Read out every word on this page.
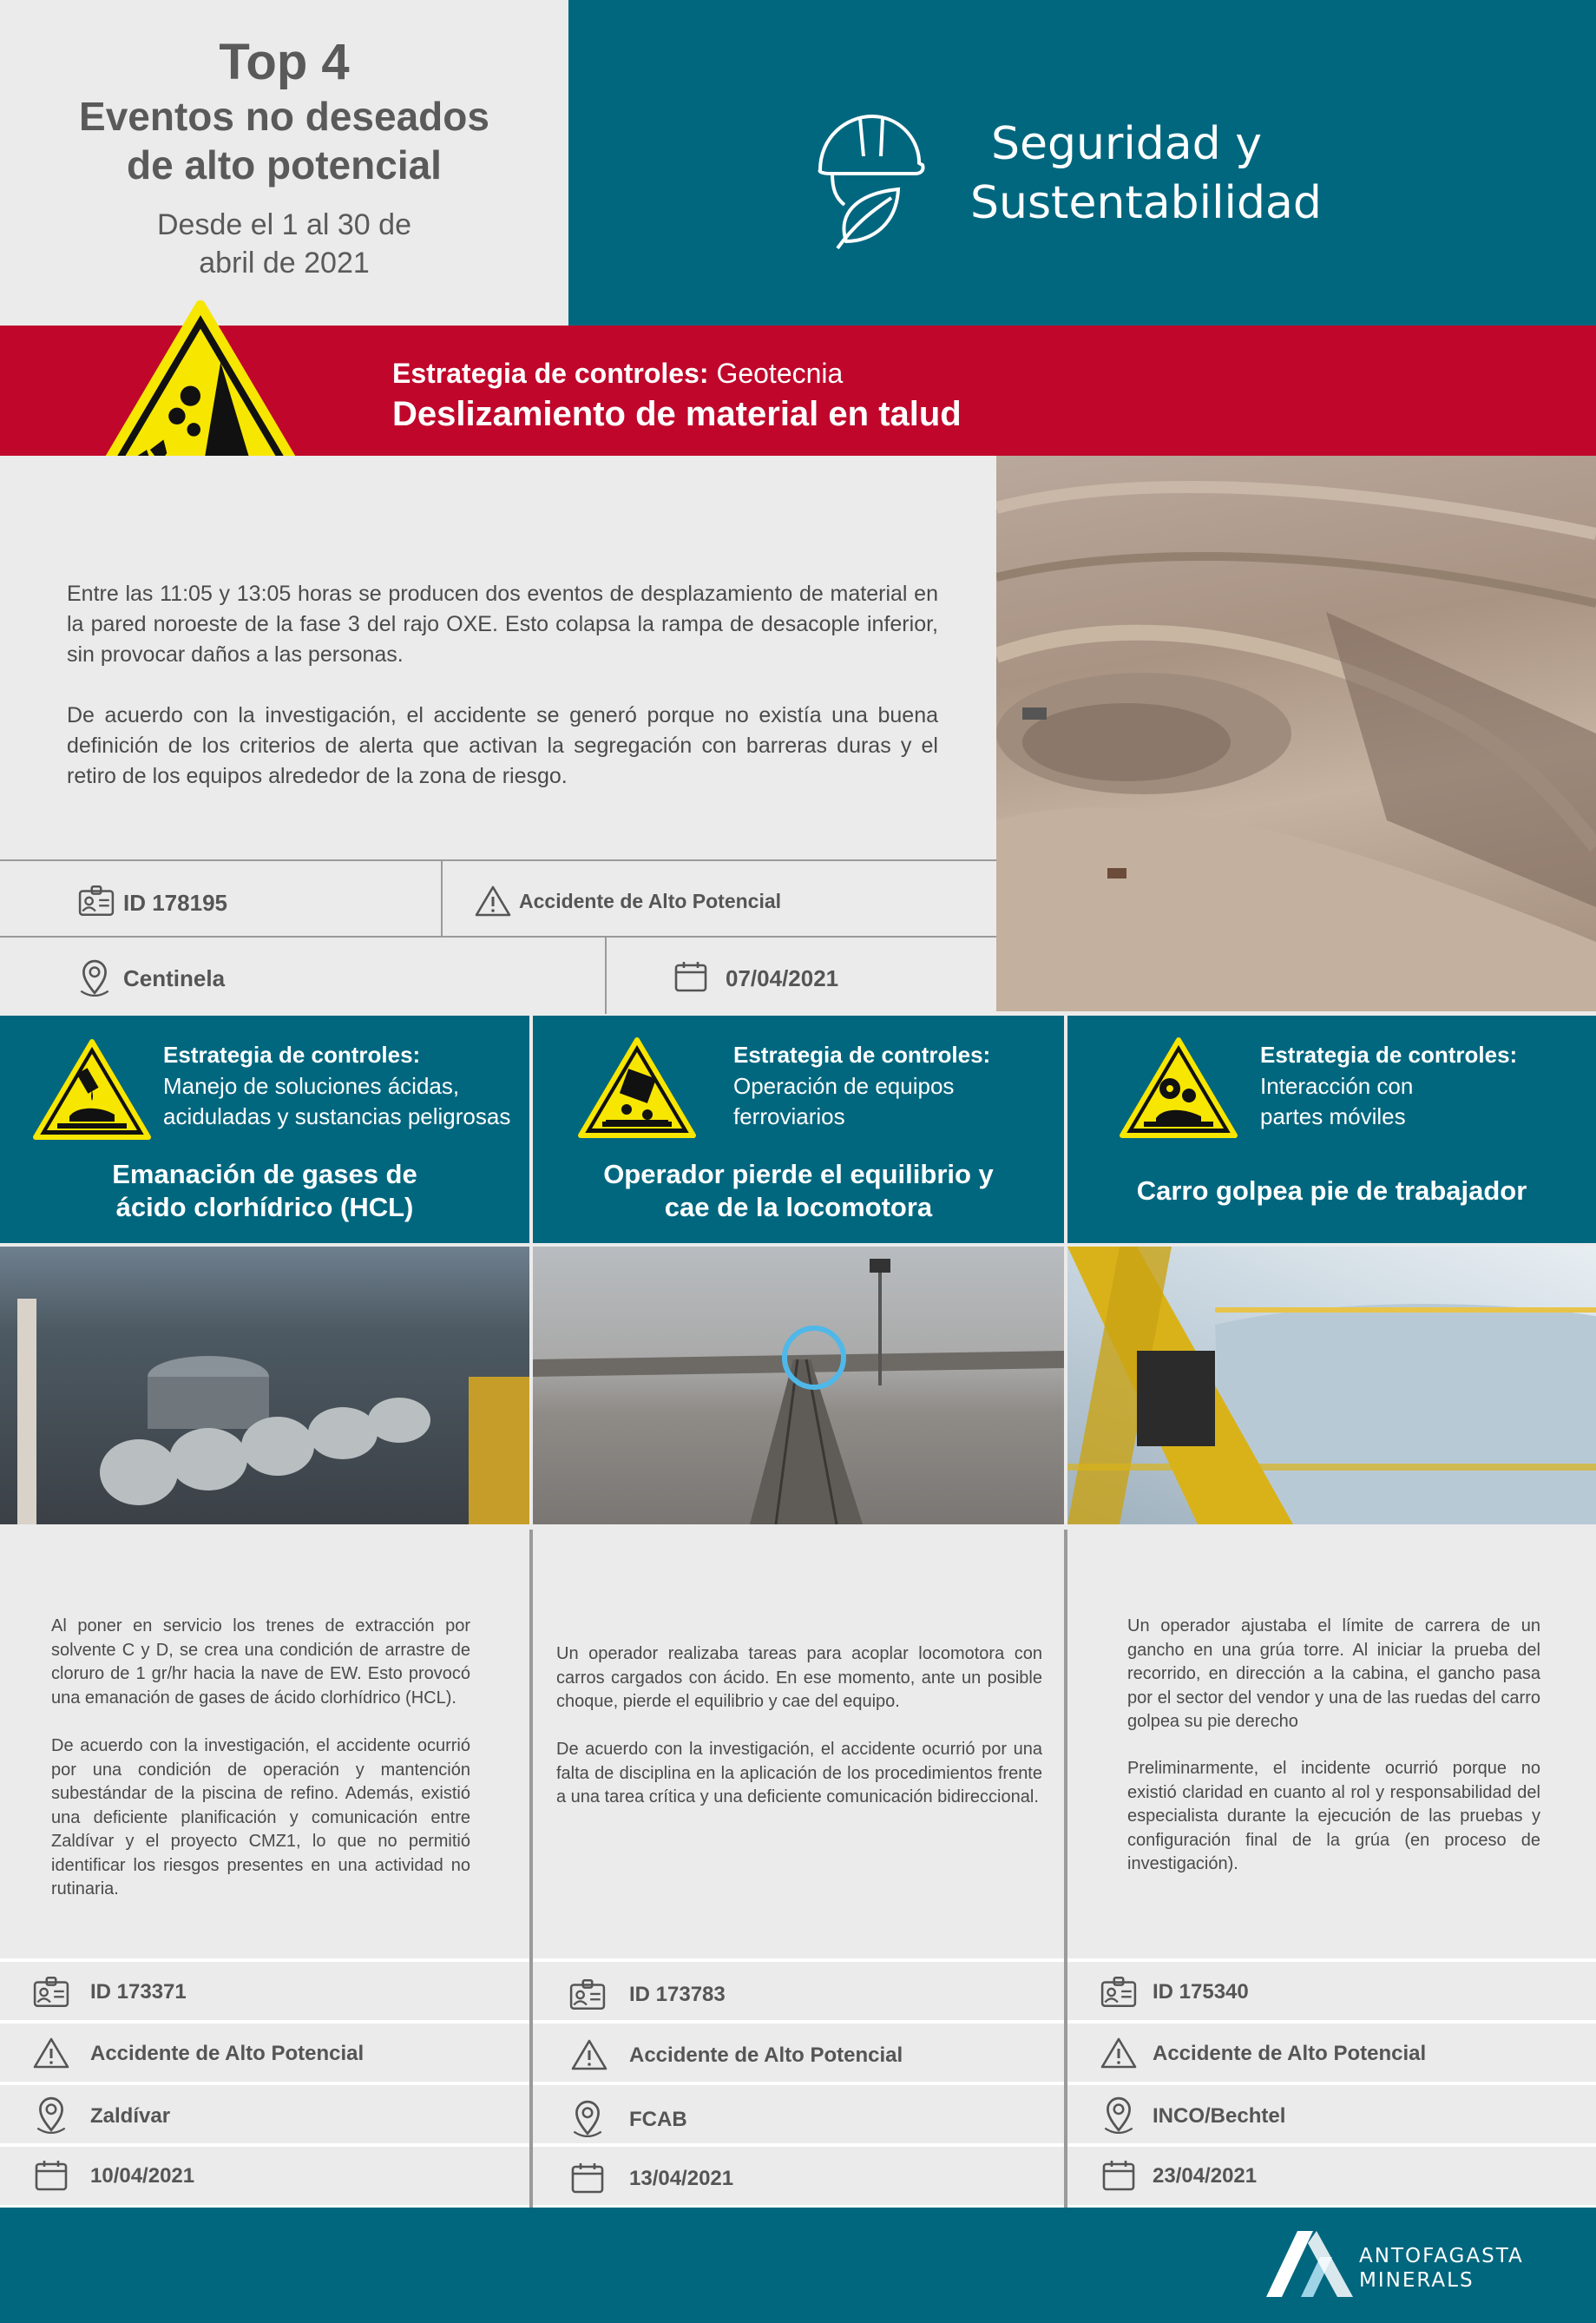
Top 4
Eventos no deseados
de alto potencial
Desde el 1 al 30 de
abril de 2021
Seguridad y
Sustentabilidad
Estrategia de controles: Geotecnia
Deslizamiento de material en talud

Entre las 11:05 y 13:05 horas se producen dos eventos de desplazamiento de material en la pared noroeste de la fase 3 del rajo OXE. Esto colapsa la rampa de desacople inferior, sin provocar daños a las personas.

De acuerdo con la investigación, el accidente se generó porque no existía una buena definición de los criterios de alerta que activan la segregación con barreras duras y el retiro de los equipos alrededor de la zona de riesgo.

ID 178195	Accidente de Alto Potencial
Centinela	07/04/2021
Estrategia de controles:
Manejo de soluciones ácidas,
aciduladas y sustancias peligrosas
Emanación de gases de
ácido clorhídrico (HCL)
Estrategia de controles:
Operación de equipos
ferroviarios
Operador pierde el equilibrio y
cae de la locomotora
Estrategia de controles:
Interacción con
partes móviles
Carro golpea pie de trabajador

Al poner en servicio los trenes de extracción por solvente C y D, se crea una condición de arrastre de cloruro de 1 gr/hr hacia la nave de EW. Esto provocó una emanación de gases de ácido clorhídrico (HCL).

De acuerdo con la investigación, el accidente ocurrió por una condición de operación y mantención subestándar de la piscina de refino. Además, existió una deficiente planificación y comunicación entre Zaldívar y el proyecto CMZ1, lo que no permitió identificar los riesgos presentes en una actividad no rutinaria.

Un operador realizaba tareas para acoplar locomotora con carros cargados con ácido. En ese momento, ante un posible choque, pierde el equilibrio y cae del equipo.

De acuerdo con la investigación, el accidente ocurrió por una falta de disciplina en la aplicación de los procedimientos frente a una tarea crítica y una deficiente comunicación bidireccional.

Un operador ajustaba el límite de carrera de un gancho en una grúa torre. Al iniciar la prueba del recorrido, en dirección a la cabina, el gancho pasa por el sector del vendor y una de las ruedas del carro golpea su pie derecho

Preliminarmente, el incidente ocurrió porque no existió claridad en cuanto al rol y responsabilidad del especialista durante la ejecución de las pruebas y configuración final de la grúa (en proceso de investigación).

ID 173371
Accidente de Alto Potencial
Zaldívar
10/04/2021
ID 173783
Accidente de Alto Potencial
FCAB
13/04/2021
ID 175340
Accidente de Alto Potencial
INCO/Bechtel
23/04/2021
ANTOFAGASTA
MINERALS
